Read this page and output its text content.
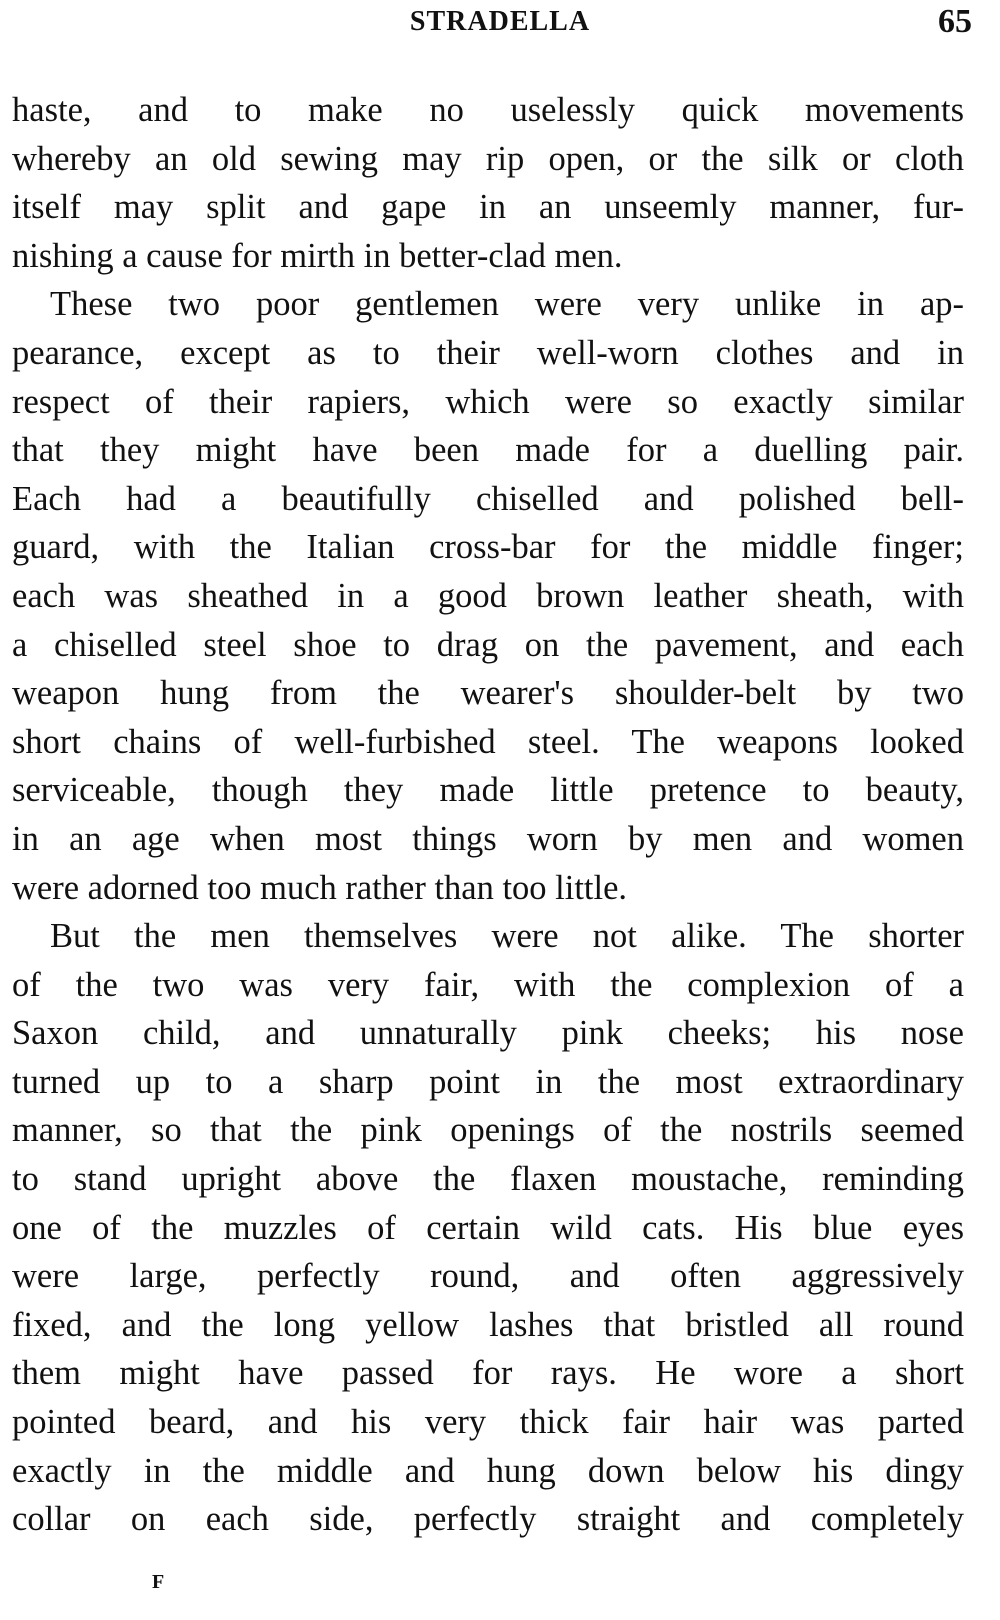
STRADELLA	65

haste, and to make no uselessly quick movements
whereby an old sewing may rip open, or the silk or cloth
itself may split and gape in an unseemly manner, fur-
nishing a cause for mirth in better-clad men.

These two poor gentlemen were very unlike in ap-
pearance, except as to their well-worn clothes and in
respect of their rapiers, which were so exactly similar
that they might have been made for a duelling pair.
Each had a beautifully chiselled and polished bell-
guard, with the Italian cross-bar for the middle finger;
each was sheathed in a good brown leather sheath, with
a chiselled steel shoe to drag on the pavement, and each
weapon hung from the wearer's shoulder-belt by two
short chains of well-furbished steel. The weapons looked
serviceable, though they made little pretence to beauty,
in an age when most things worn by men and women
were adorned too much rather than too little.

But the men themselves were not alike. The shorter
of the two was very fair, with the complexion of a
Saxon child, and unnaturally pink cheeks; his nose
turned up to a sharp point in the most extraordinary
manner, so that the pink openings of the nostrils seemed
to stand upright above the flaxen moustache, reminding
one of the muzzles of certain wild cats. His blue eyes
were large, perfectly round, and often aggressively
fixed, and the long yellow lashes that bristled all round
them might have passed for rays. He wore a short
pointed beard, and his very thick fair hair was parted
exactly in the middle and hung down below his dingy
collar on each side, perfectly straight and completely

F
